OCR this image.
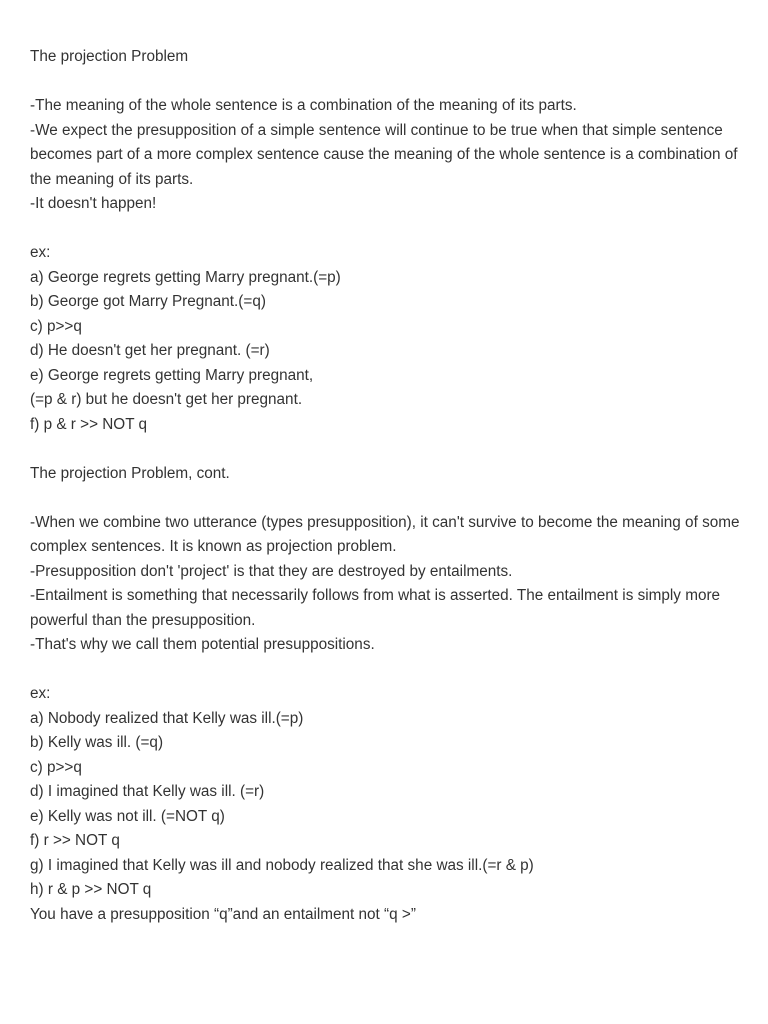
The projection Problem
-The meaning of the whole sentence is a combination of the meaning of its parts.
-We expect the presupposition of a simple sentence will continue to be true when that simple sentence becomes part of a more complex sentence cause the meaning of the whole sentence is a combination of the meaning of its parts.
-It doesn't happen!
ex:
a) George regrets getting Marry pregnant.(=p)
b) George got Marry Pregnant.(=q)
c) p>>q
d) He doesn't get her pregnant. (=r)
e) George regrets getting Marry pregnant,
(=p & r) but he doesn't get her pregnant.
f) p & r >> NOT q
The projection Problem, cont.
-When we combine two utterance (types presupposition), it can't survive to become the meaning of some complex sentences. It is known as projection problem.
-Presupposition don't 'project' is that they are destroyed by entailments.
-Entailment is something that necessarily follows from what is asserted. The entailment is simply more powerful than the presupposition.
-That's why we call them potential presuppositions.
ex:
a) Nobody realized that Kelly was ill.(=p)
b) Kelly was ill. (=q)
c) p>>q
d) I imagined that Kelly was ill. (=r)
e) Kelly was not ill. (=NOT q)
f) r >> NOT q
g) I imagined that Kelly was ill and nobody realized that she was ill.(=r & p)
h) r & p >> NOT q
You have a presupposition “q”and an entailment not “q >”
